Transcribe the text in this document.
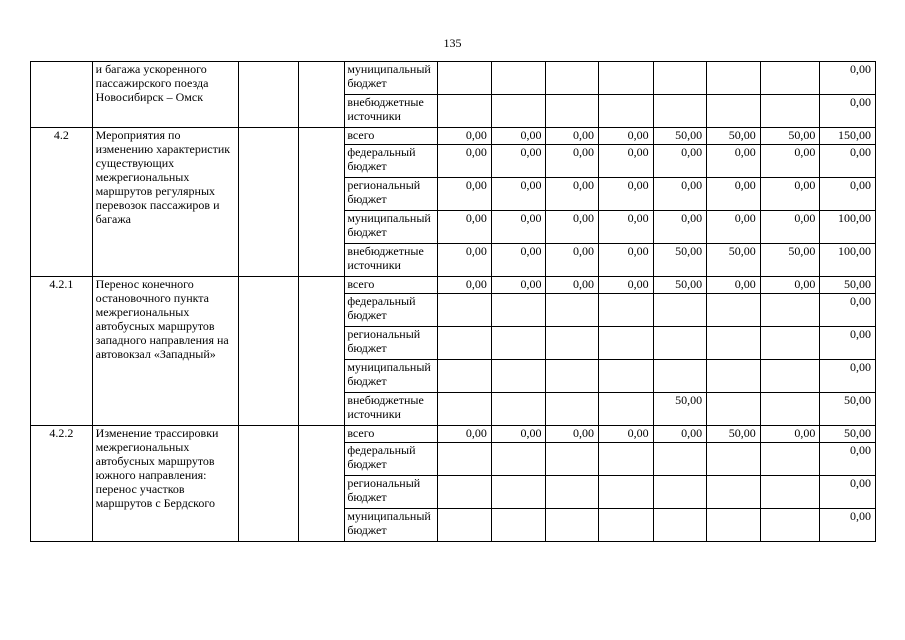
135
	и багажа ускоренного пассажирского поезда Новосибирск – Омск			муниципальный бюджет								0,00
				внебюджетные источники								0,00
4.2	Мероприятия по изменению характеристик существующих межрегиональных маршрутов регулярных перевозок пассажиров и багажа			всего	0,00	0,00	0,00	0,00	50,00	50,00	50,00	150,00
				федеральный бюджет	0,00	0,00	0,00	0,00	0,00	0,00	0,00	0,00
				региональный бюджет	0,00	0,00	0,00	0,00	0,00	0,00	0,00	0,00
				муниципальный бюджет	0,00	0,00	0,00	0,00	0,00	0,00	0,00	100,00
				внебюджетные источники	0,00	0,00	0,00	0,00	50,00	50,00	50,00	100,00
4.2.1	Перенос конечного остановочного пункта межрегиональных автобусных маршрутов западного направления на автовокзал «Западный»			всего	0,00	0,00	0,00	0,00	50,00	0,00	0,00	50,00
				федеральный бюджет								0,00
				региональный бюджет								0,00
				муниципальный бюджет								0,00
				внебюджетные источники					50,00			50,00
4.2.2	Изменение трассировки межрегиональных автобусных маршрутов южного направления: перенос участков маршрутов с Бердского			всего	0,00	0,00	0,00	0,00	0,00	50,00	0,00	50,00
				федеральный бюджет								0,00
				региональный бюджет								0,00
				муниципальный бюджет								0,00
